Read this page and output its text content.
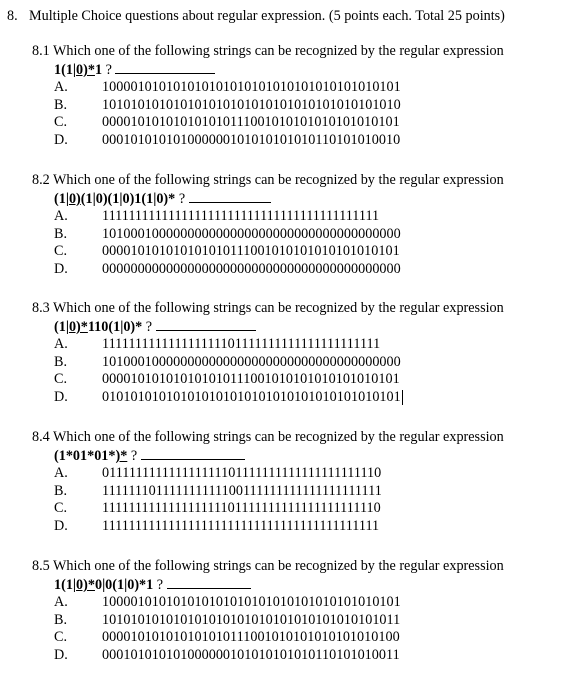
8. Multiple Choice questions about regular expression. (5 points each. Total 25 points)
8.1 Which one of the following strings can be recognized by the regular expression
1(1|0)*1 ?
A.	100001010101010101010101010101010101010101
B.	101010101010101010101010101010101010101010
C.	000010101010101010111001010101010101010101
D.	000101010101000000101010101010110101010010
8.2 Which one of the following strings can be recognized by the regular expression
(1|0)(1|0)(1|0)1(1|0)* ?
A.	111111111111111111111111111111111111111111
B.	101000100000000000000000000000000000000000
C.	000010101010101010111001010101010101010101
D.	000000000000000000000000000000000000000000
8.3 Which one of the following strings can be recognized by the regular expression
(1|0)*110(1|0)* ?
A.	111111111111111111101111111111111111111111
B.	101000100000000000000000000000000000000000
C.	000010101010101010111001010101010101010101
D.	010101010101010101010101010101010101010101
8.4 Which one of the following strings can be recognized by the regular expression
(1*01*01*)* ?
A.	011111111111111111101111111111111111111110
B.	111111101111111111100111111111111111111111
C.	111111111111111111101111111111111111111110
D.	111111111111111111111111111111111111111111
8.5 Which one of the following strings can be recognized by the regular expression
1(1|0)*0|0(1|0)*1 ?
A.	100001010101010101010101010101010101010101
B.	101010101010101010101010101010101010101011
C.	000010101010101010111001010101010101010100
D.	000101010101000000101010101010110101010011
